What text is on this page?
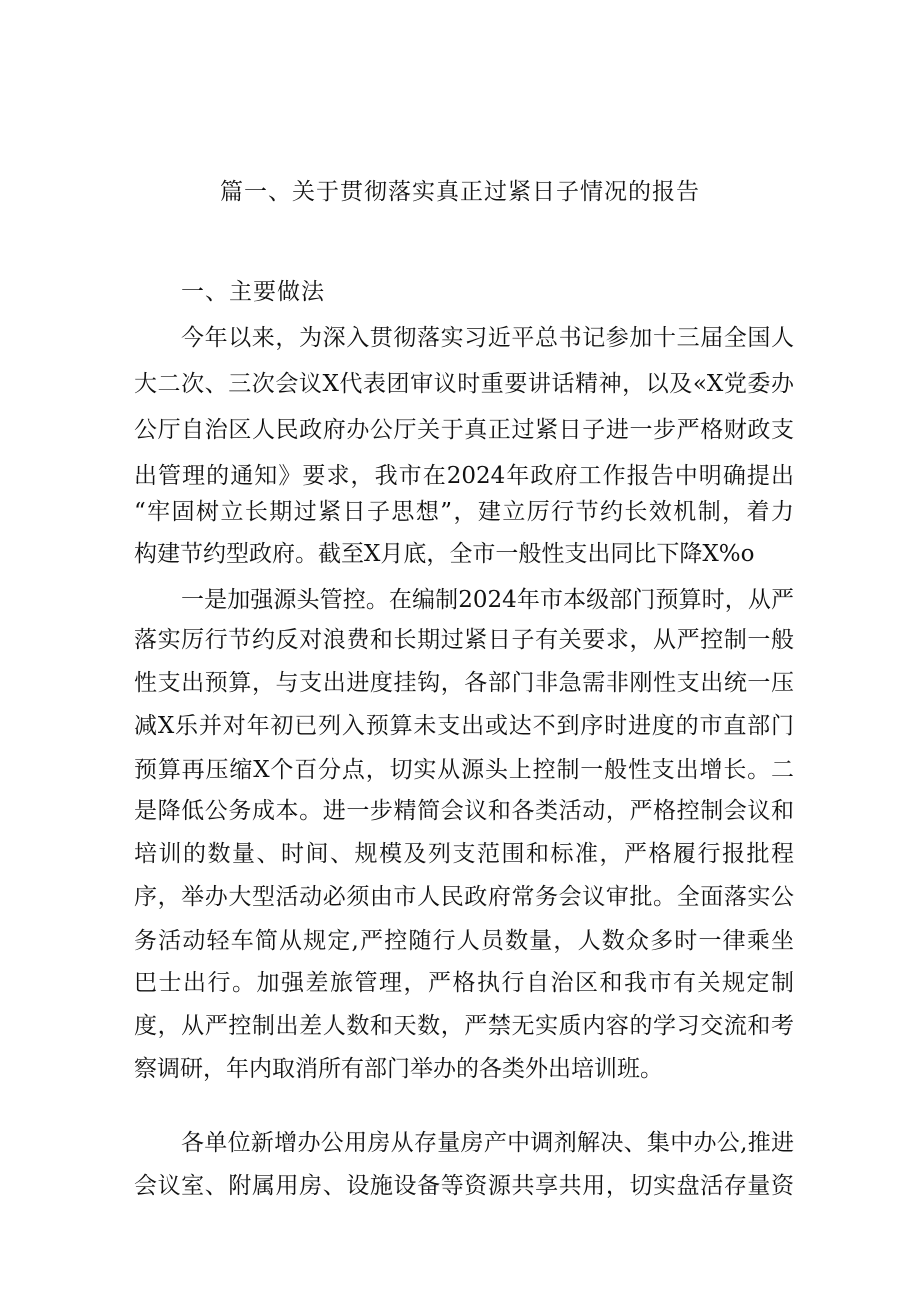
篇一、关于贯彻落实真正过紧日子情况的报告
一、主要做法
今年以来，为深入贯彻落实习近平总书记参加十三届全国人
大二次、三次会议X代表团审议时重要讲话精神，以及«X党委办
公厅自治区人民政府办公厅关于真正过紧日子进一步严格财政支
出管理的通知》要求，我市在2024年政府工作报告中明确提出
“牢固树立长期过紧日子思想”，建立厉行节约长效机制，着力
构建节约型政府。截至X月底，全市一般性支出同比下降X%o
一是加强源头管控。在编制2024年市本级部门预算时，从严
落实厉行节约反对浪费和长期过紧日子有关要求，从严控制一般
性支出预算，与支出进度挂钩，各部门非急需非刚性支出统一压
减X乐并对年初已列入预算未支出或达不到序时进度的市直部门
预算再压缩X个百分点，切实从源头上控制一般性支出增长。二
是降低公务成本。进一步精简会议和各类活动，严格控制会议和
培训的数量、时间、规模及列支范围和标准，严格履行报批程
序，举办大型活动必须由市人民政府常务会议审批。全面落实公
务活动轻车简从规定,严控随行人员数量，人数众多时一律乘坐
巴士出行。加强差旅管理，严格执行自治区和我市有关规定制
度，从严控制出差人数和天数，严禁无实质内容的学习交流和考
察调研，年内取消所有部门举办的各类外出培训班。
各单位新增办公用房从存量房产中调剂解决、集中办公,推进
会议室、附属用房、设施设备等资源共享共用，切实盘活存量资
